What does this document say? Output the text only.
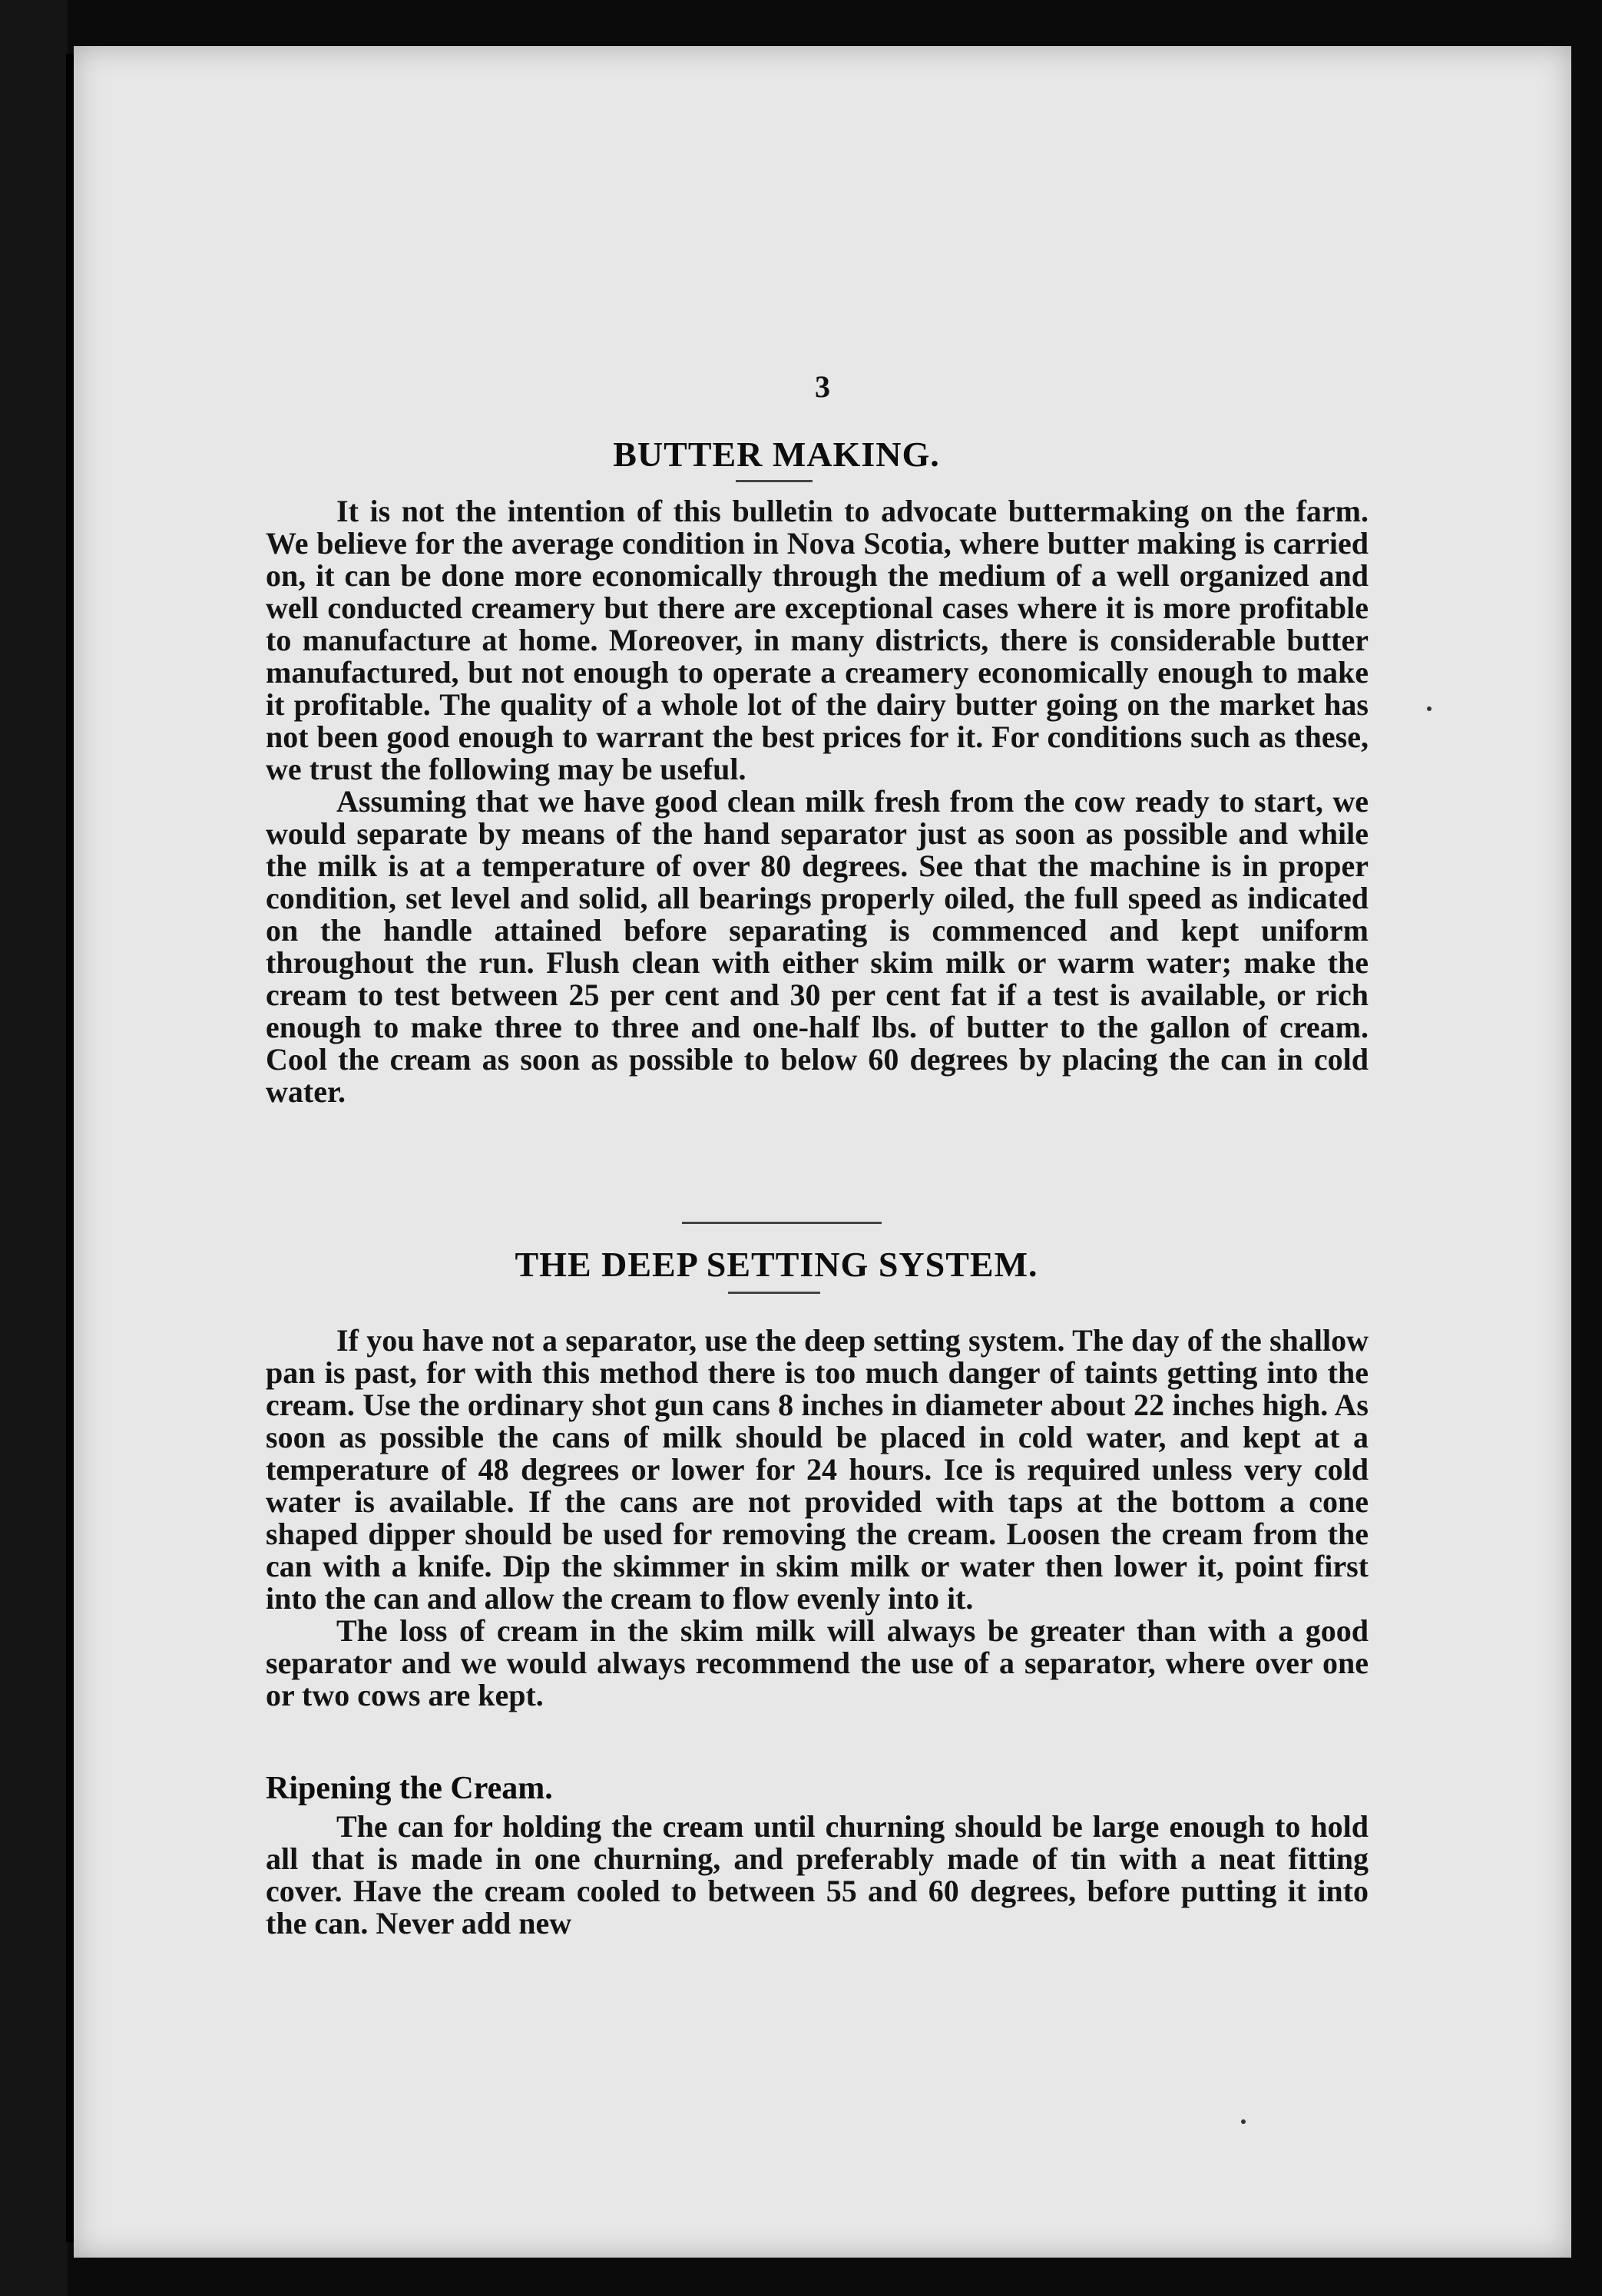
3
BUTTER MAKING.

It is not the intention of this bulletin to advocate buttermaking on the farm. We believe for the average condition in Nova Scotia, where butter making is carried on, it can be done more economically through the medium of a well organized and well conducted creamery but there are exceptional cases where it is more profitable to manufacture at home. Moreover, in many districts, there is considerable butter manufactured, but not enough to operate a creamery economically enough to make it profitable. The quality of a whole lot of the dairy butter going on the market has not been good enough to warrant the best prices for it. For conditions such as these, we trust the following may be useful.

Assuming that we have good clean milk fresh from the cow ready to start, we would separate by means of the hand separator just as soon as possible and while the milk is at a temperature of over 80 degrees. See that the machine is in proper condition, set level and solid, all bearings properly oiled, the full speed as indicated on the handle attained before separating is commenced and kept uniform throughout the run. Flush clean with either skim milk or warm water; make the cream to test between 25 per cent and 30 per cent fat if a test is available, or rich enough to make three to three and one-half lbs. of butter to the gallon of cream. Cool the cream as soon as possible to below 60 degrees by placing the can in cold water.

THE DEEP SETTING SYSTEM.

If you have not a separator, use the deep setting system. The day of the shallow pan is past, for with this method there is too much danger of taints getting into the cream. Use the ordinary shot gun cans 8 inches in diameter about 22 inches high. As soon as possible the cans of milk should be placed in cold water, and kept at a temperature of 48 degrees or lower for 24 hours. Ice is required unless very cold water is available. If the cans are not provided with taps at the bottom a cone shaped dipper should be used for removing the cream. Loosen the cream from the can with a knife. Dip the skimmer in skim milk or water then lower it, point first into the can and allow the cream to flow evenly into it.

The loss of cream in the skim milk will always be greater than with a good separator and we would always recommend the use of a separator, where over one or two cows are kept.

Ripening the Cream.

The can for holding the cream until churning should be large enough to hold all that is made in one churning, and preferably made of tin with a neat fitting cover. Have the cream cooled to between 55 and 60 degrees, before putting it into the can. Never add new
